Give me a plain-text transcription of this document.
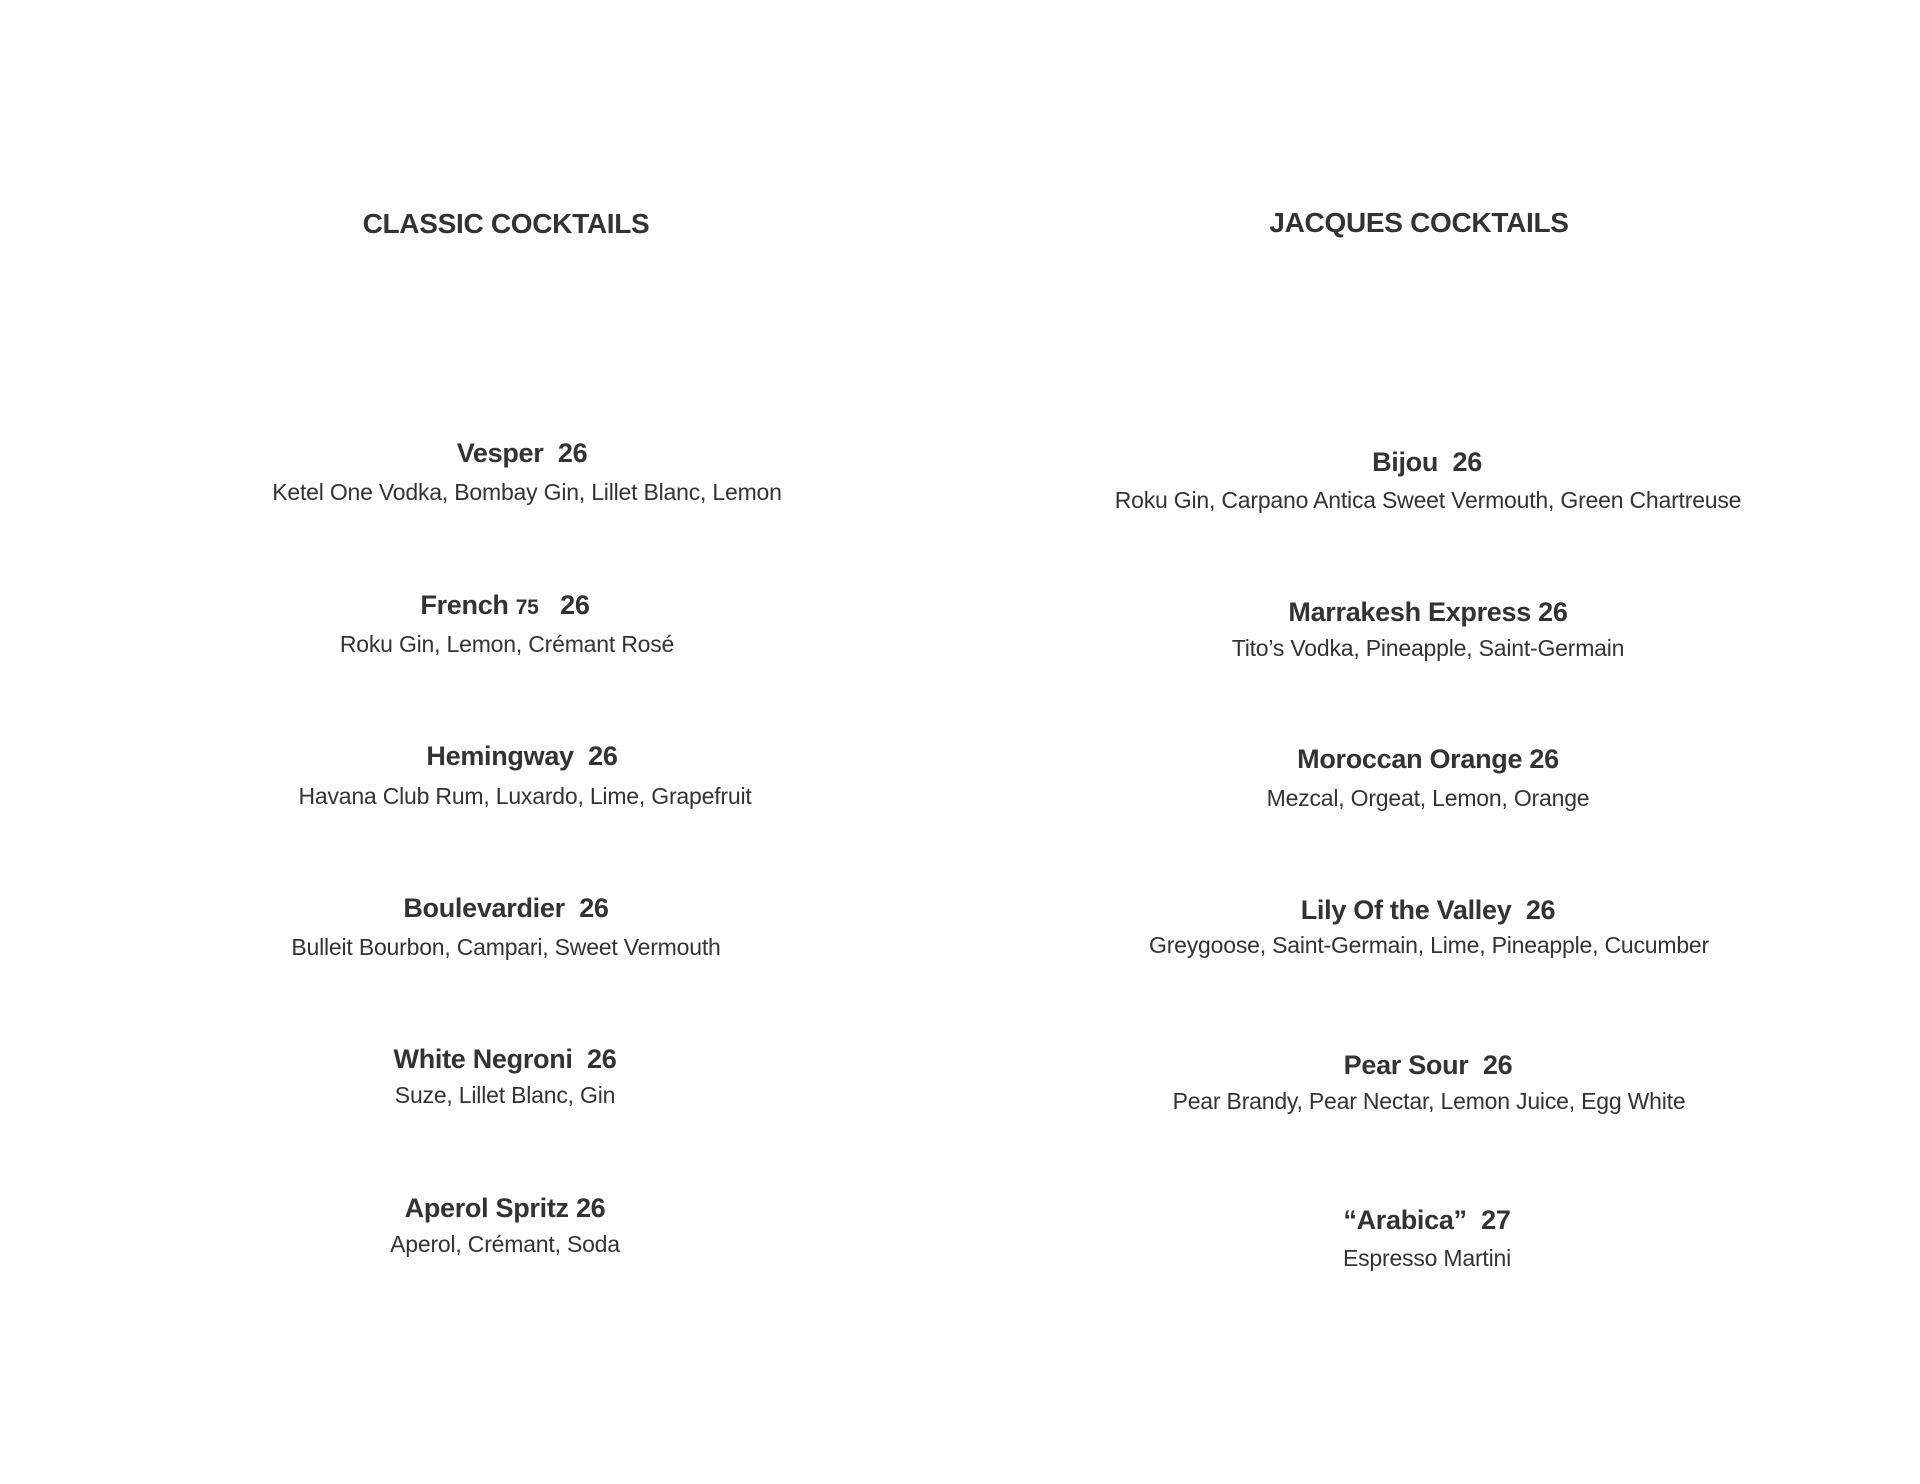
CLASSIC COCKTAILS
Vesper 26
Ketel One Vodka, Bombay Gin, Lillet Blanc, Lemon
French 75 26
Roku Gin, Lemon, Crémant Rosé
Hemingway 26
Havana Club Rum, Luxardo, Lime, Grapefruit
Boulevardier 26
Bulleit Bourbon, Campari, Sweet Vermouth
White Negroni 26
Suze, Lillet Blanc, Gin
Aperol Spritz 26
Aperol, Crémant, Soda
JACQUES COCKTAILS
Bijou 26
Roku Gin, Carpano Antica Sweet Vermouth, Green Chartreuse
Marrakesh Express 26
Tito’s Vodka, Pineapple, Saint-Germain
Moroccan Orange 26
Mezcal, Orgeat, Lemon, Orange
Lily Of the Valley 26
Greygoose, Saint-Germain, Lime, Pineapple, Cucumber
Pear Sour 26
Pear Brandy, Pear Nectar, Lemon Juice, Egg White
“Arabica” 27
Espresso Martini
